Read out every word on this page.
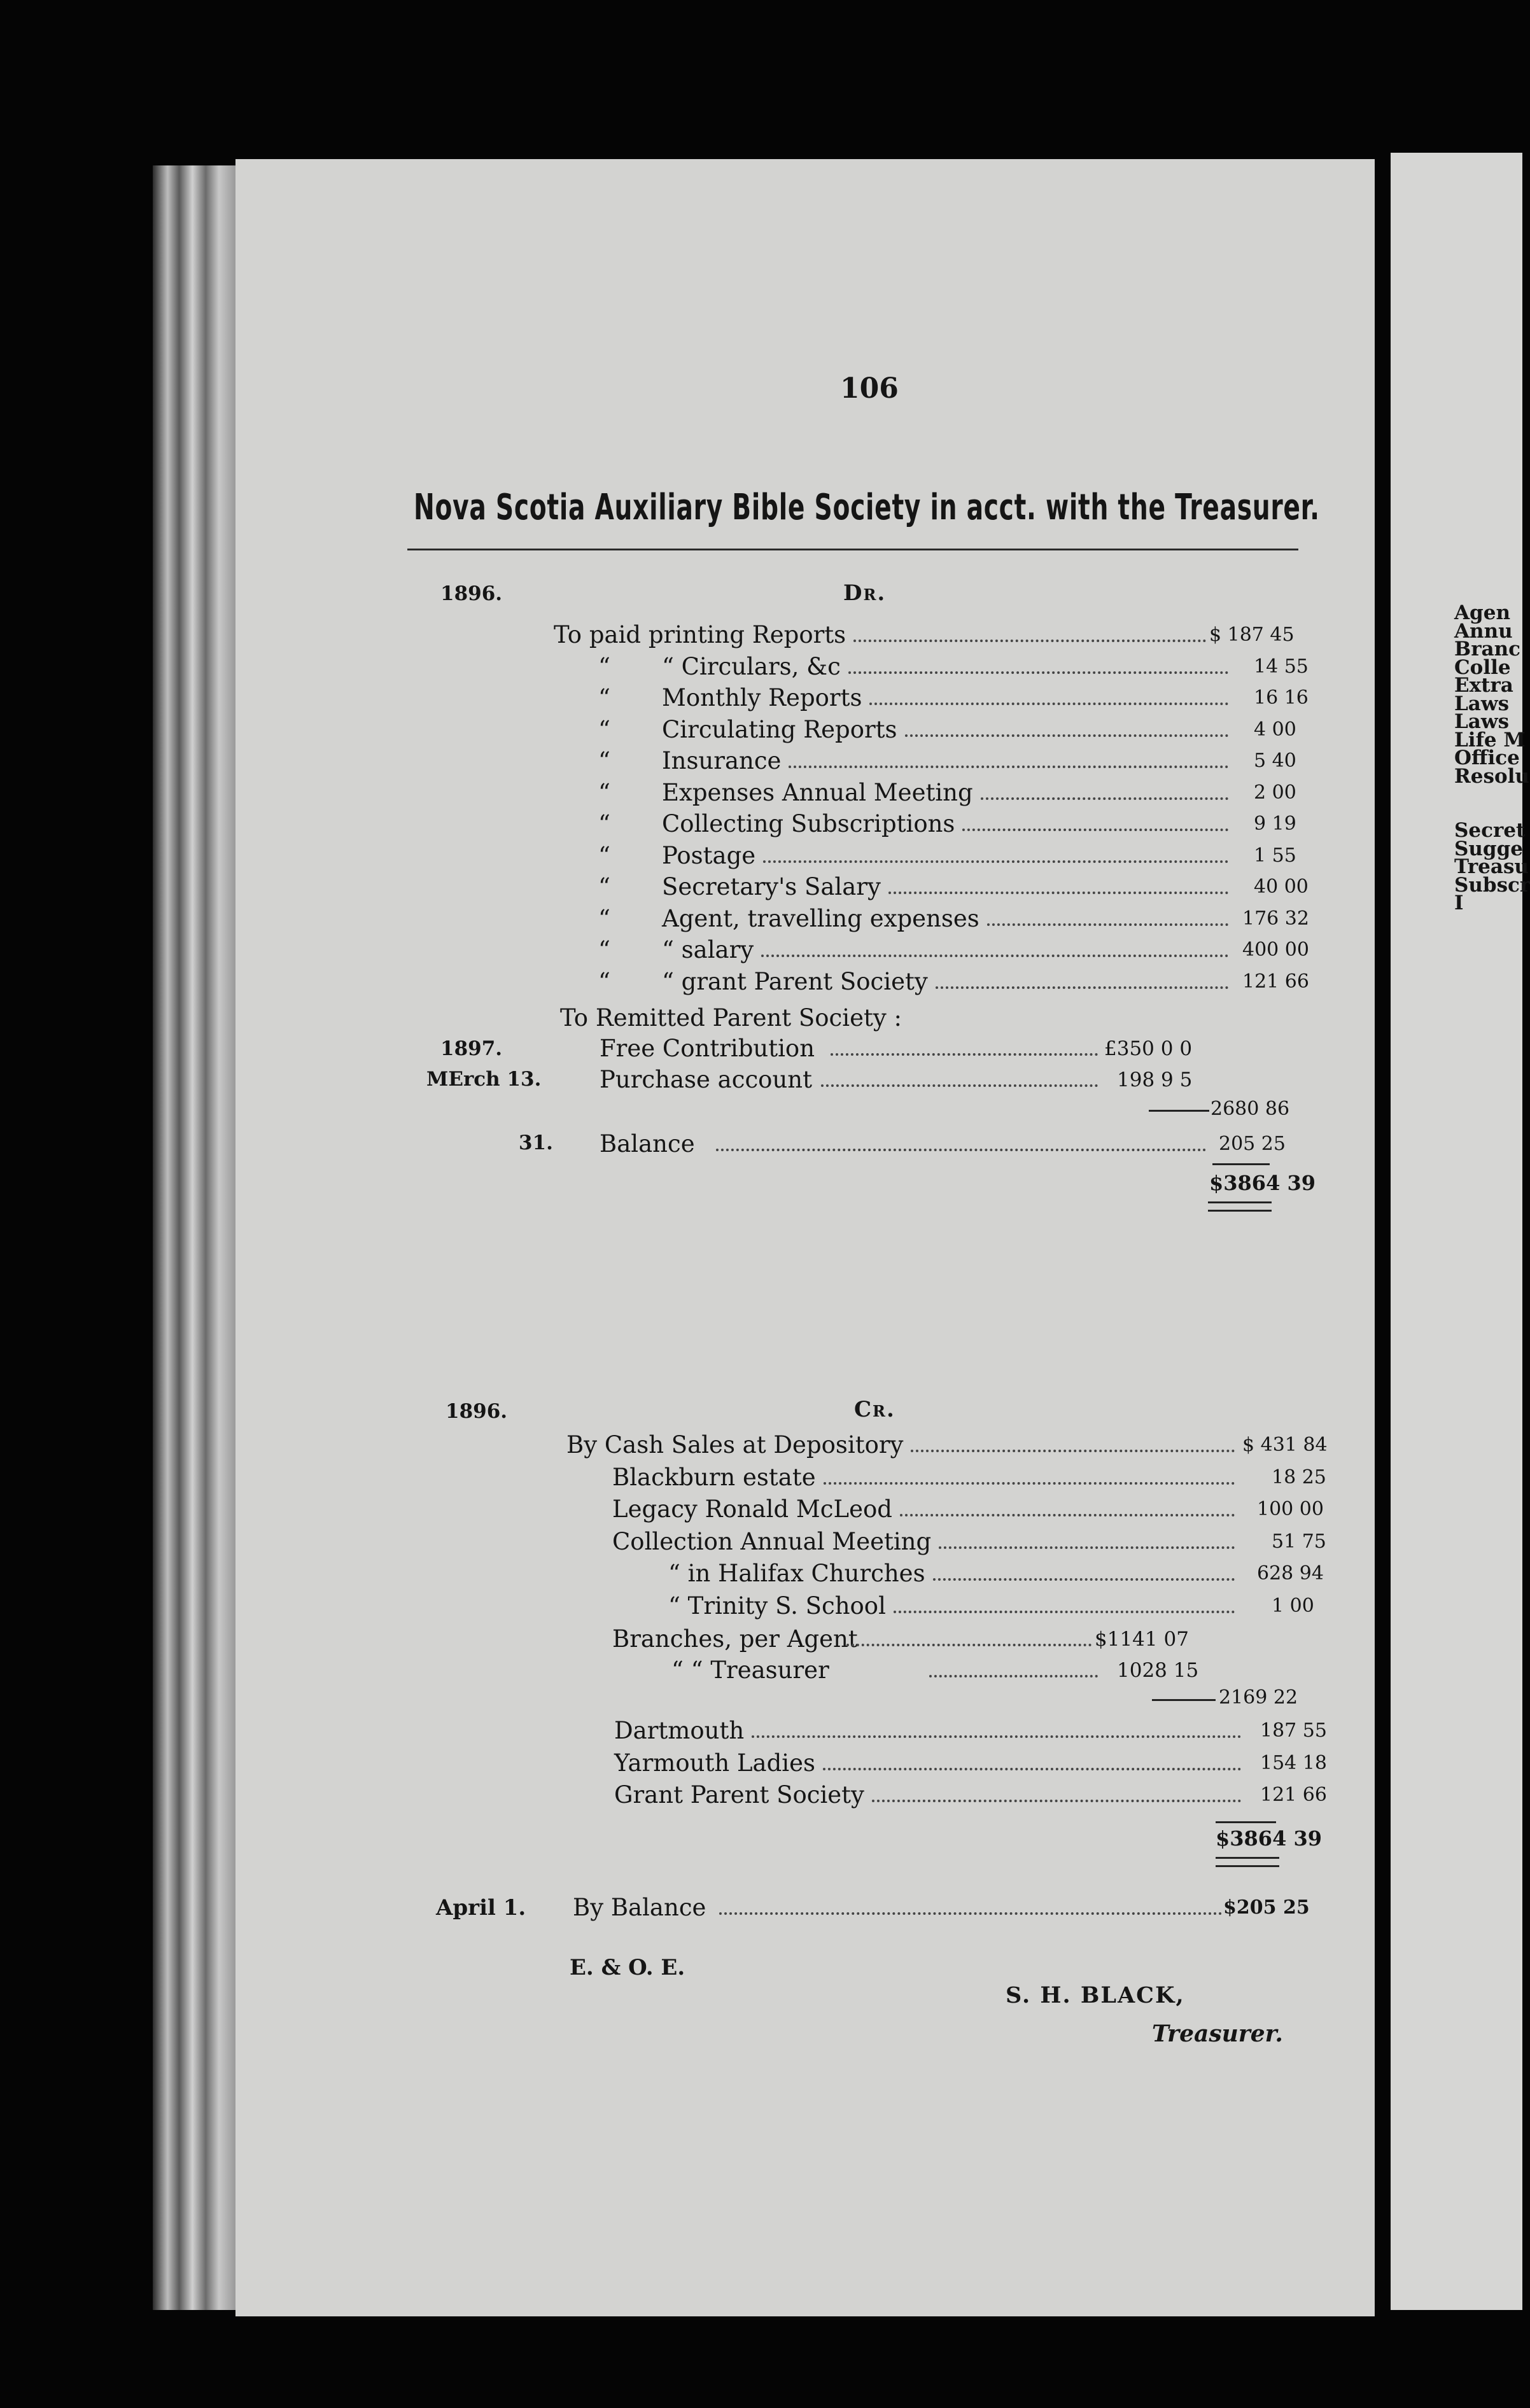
106
Nova Scotia Auxiliary Bible Society in acct. with the Treasurer.
1896.	Dr.
To paid printing Reports	$ 187 45
“ “ Circulars, &c	14 55
“ Monthly Reports	16 16
“ Circulating Reports	4 00
“ Insurance	5 40
“ Expenses Annual Meeting	2 00
“ Collecting Subscriptions	9 19
“ Postage	1 55
“ Secretary's Salary	40 00
“ Agent, travelling expenses	176 32
“ “ salary	400 00
“ “ grant Parent Society	121 66
To Remitted Parent Society :
1897.
MErch 13.
Free Contribution	£350 0 0
Purchase account	198 9 5
2680 86
31. Balance	205 25
$3864 39
1896.	Cr.
By Cash Sales at Depository	$ 431 84
Blackburn estate	18 25
Legacy Ronald McLeod	100 00
Collection Annual Meeting	51 75
“ in Halifax Churches	628 94
“ Trinity S. School	1 00
Branches, per Agent	$1141 07
“ “ Treasurer	1028 15
2169 22
Dartmouth	187 55
Yarmouth Ladies	154 18
Grant Parent Society	121 66
$3864 39
April 1. By Balance	$205 25
E. & O. E.
S. H. BLACK,
Treasurer.
Agen
Annu
Branc
Colle
Extra
Laws
Laws
Life M
Office
Resolu
Secret
Sugge
Treasu
Subscr
I
